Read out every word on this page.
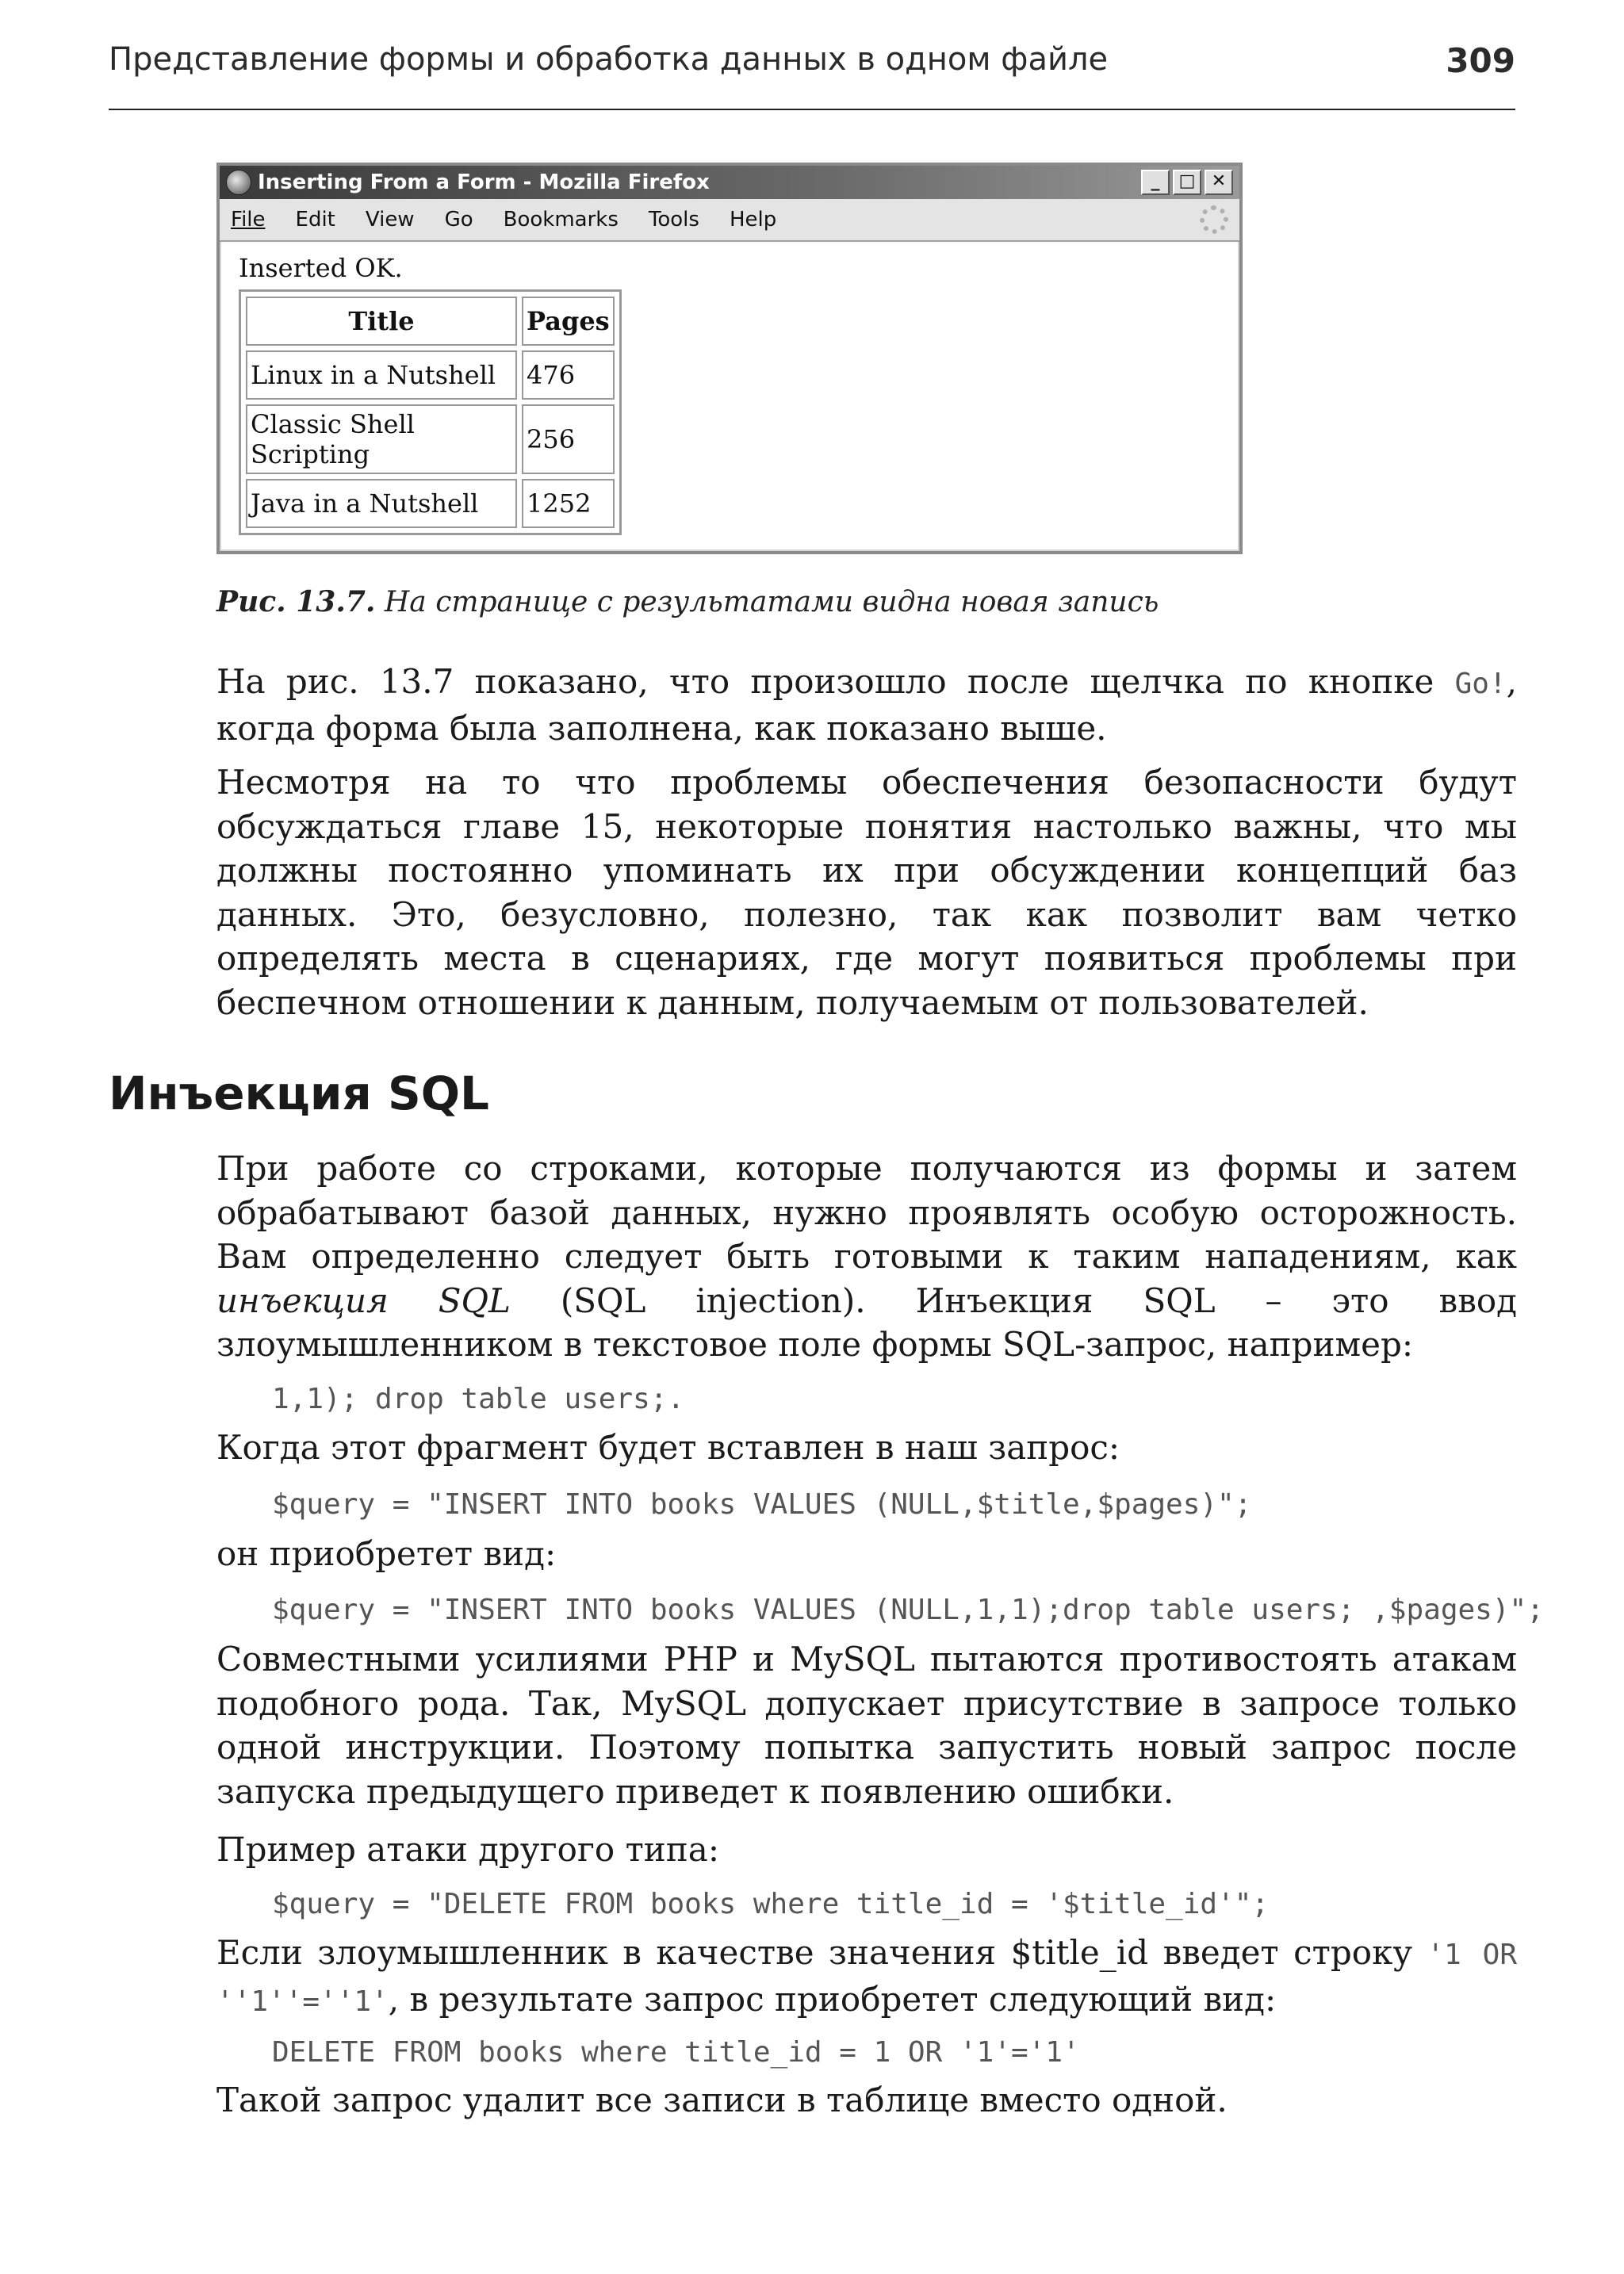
Представление формы и обработка данных в одном файле	309
Inserting From a Form - Mozilla Firefox	_	□ ✕
File Edit View Go Bookmarks Tools Help
Inserted OK.
Title	Pages
Linux in a Nutshell	476
Classic Shell Scripting	256
Java in a Nutshell	1252
Рис. 13.7. На странице с результатами видна новая запись
На рис. 13.7 показано, что произошло после щелчка по кнопке Go!, когда форма была заполнена, как показано выше.
Несмотря на то что проблемы обеспечения безопасности будут обсуждаться главе 15, некоторые понятия настолько важны, что мы должны постоянно упоминать их при обсуждении концепций баз данных. Это, безусловно, полезно, так как позволит вам четко определять места в сценариях, где могут появиться проблемы при беспечном отношении к данным, получаемым от пользователей.
Инъекция SQL
При работе со строками, которые получаются из формы и затем обрабатывают базой данных, нужно проявлять особую осторожность. Вам определенно следует быть готовыми к таким нападениям, как инъекция SQL (SQL injection). Инъекция SQL – это ввод злоумышленником в текстовое поле формы SQL-запрос, например:
1,1); drop table users;.
Когда этот фрагмент будет вставлен в наш запрос:
$query = "INSERT INTO books VALUES (NULL,$title,$pages)";
он приобретет вид:
$query = "INSERT INTO books VALUES (NULL,1,1);drop table users; ,$pages)";
Совместными усилиями PHP и MySQL пытаются противостоять атакам подобного рода. Так, MySQL допускает присутствие в запросе только одной инструкции. Поэтому попытка запустить новый запрос после запуска предыдущего приведет к появлению ошибки.
Пример атаки другого типа:
$query = "DELETE FROM books where title_id = '$title_id'";
Если злоумышленник в качестве значения $title_id введет строку '1 OR ''1''=''1', в результате запрос приобретет следующий вид:
DELETE FROM books where title_id = 1 OR '1'='1'
Такой запрос удалит все записи в таблице вместо одной.
